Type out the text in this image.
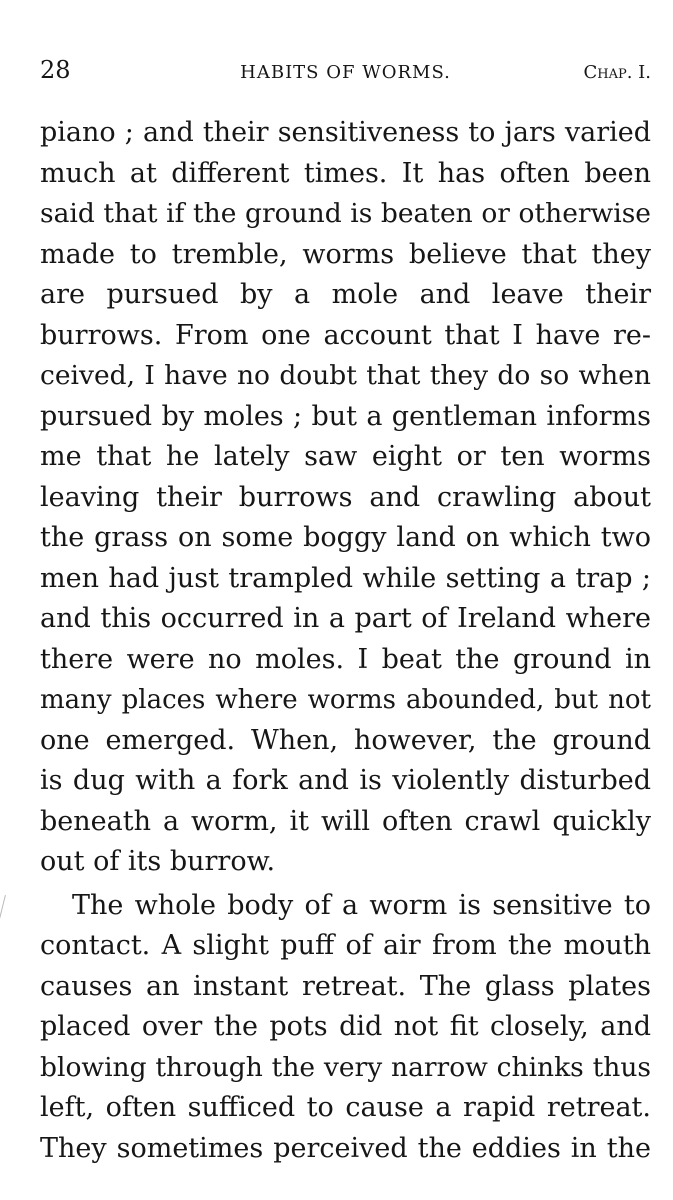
28	HABITS OF WORMS.	Chap. I.
piano ; and their sensitiveness to jars varied
much at different times. It has often been
said that if the ground is beaten or otherwise
made to tremble, worms believe that they
are pursued by a mole and leave their
burrows. From one account that I have re-
ceived, I have no doubt that they do so when
pursued by moles ; but a gentleman informs
me that he lately saw eight or ten worms
leaving their burrows and crawling about
the grass on some boggy land on which two
men had just trampled while setting a trap ;
and this occurred in a part of Ireland where
there were no moles. I beat the ground in
many places where worms abounded, but not
one emerged. When, however, the ground
is dug with a fork and is violently disturbed
beneath a worm, it will often crawl quickly
out of its burrow.
The whole body of a worm is sensitive to
contact. A slight puff of air from the mouth
causes an instant retreat. The glass plates
placed over the pots did not fit closely, and
blowing through the very narrow chinks thus
left, often sufficed to cause a rapid retreat.
They sometimes perceived the eddies in the
